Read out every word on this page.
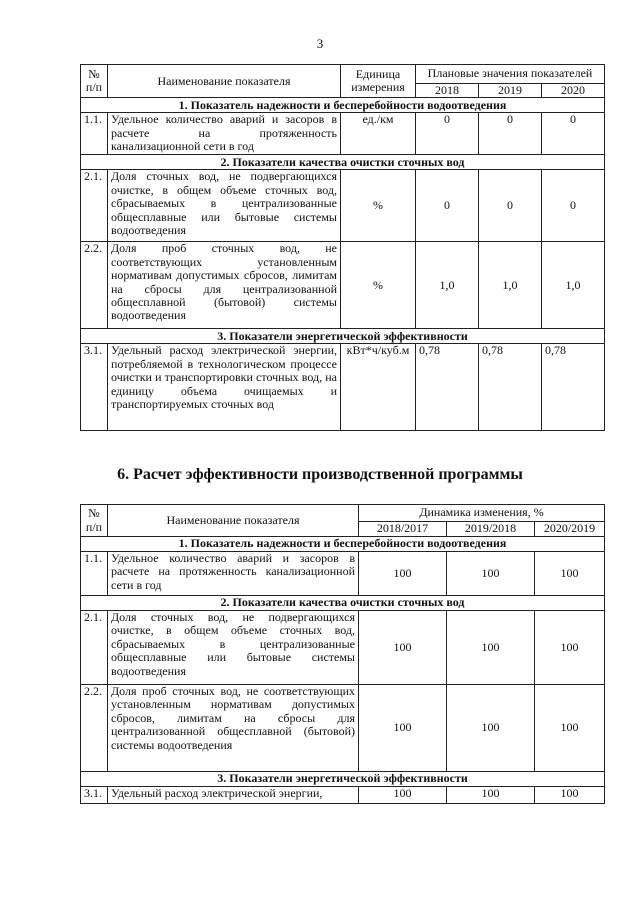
3
№ п/п	Наименование показателя	Единица измерения	Плановые значения показателей		
			2018	2019	2020
1. Показатель надежности и бесперебойности водоотведения					
1.1.	Удельное количество аварий и засоров в расчете на протяженность канализационной сети в год	ед./км	0	0	0
2. Показатели качества очистки сточных вод					
2.1.	Доля сточных вод, не подвергающихся очистке, в общем объеме сточных вод, сбрасываемых в централизованные общесплавные или бытовые системы водоотведения	%	0	0	0
2.2.	Доля проб сточных вод, не соответствующих установленным нормативам допустимых сбросов, лимитам на сбросы для централизованной общесплавной (бытовой) системы водоотведения	%	1,0	1,0	1,0
3. Показатели энергетической эффективности					
3.1.	Удельный расход электрической энергии, потребляемой в технологическом процессе очистки и транспортировки сточных вод, на единицу объема очищаемых и транспортируемых сточных вод	кВт*ч/куб.м	0,78	0,78	0,78
6. Расчет эффективности производственной программы
№ п/п	Наименование показателя	Динамика изменения, %		
		2018/2017	2019/2018	2020/2019
1. Показатель надежности и бесперебойности водоотведения				
1.1.	Удельное количество аварий и засоров в расчете на протяженность канализационной сети в год	100	100	100
2. Показатели качества очистки сточных вод				
2.1.	Доля сточных вод, не подвергающихся очистке, в общем объеме сточных вод, сбрасываемых в централизованные общесплавные или бытовые системы водоотведения	100	100	100
2.2.	Доля проб сточных вод, не соответствующих установленным нормативам допустимых сбросов, лимитам на сбросы для централизованной общесплавной (бытовой) системы водоотведения	100	100	100
3. Показатели энергетической эффективности				
3.1.	Удельный расход электрической энергии,	100	100	100
